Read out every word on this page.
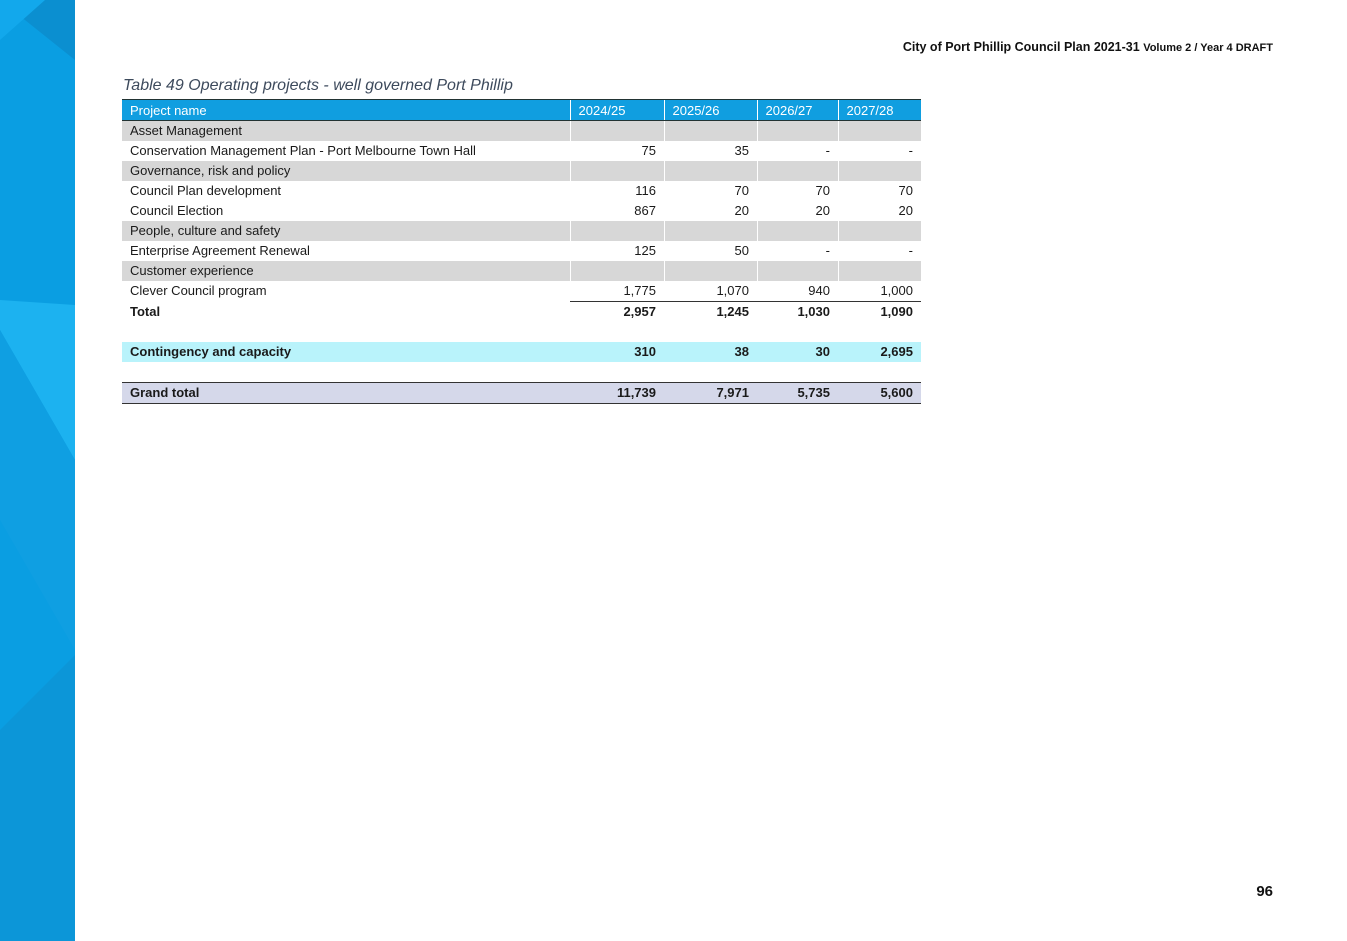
City of Port Phillip Council Plan 2021-31 Volume 2 / Year 4 DRAFT
Table 49 Operating projects - well governed Port Phillip
Project name	2024/25	2025/26	2026/27	2027/28
Asset Management				
Conservation Management Plan - Port Melbourne Town Hall	75	35	-	-
Governance, risk and policy				
Council Plan development	116	70	70	70
Council Election	867	20	20	20
People, culture and safety				
Enterprise Agreement Renewal	125	50	-	-
Customer experience				
Clever Council program	1,775	1,070	940	1,000
Total	2,957	1,245	1,030	1,090

Contingency and capacity	310	38	30	2,695

Grand total	11,739	7,971	5,735	5,600
96
